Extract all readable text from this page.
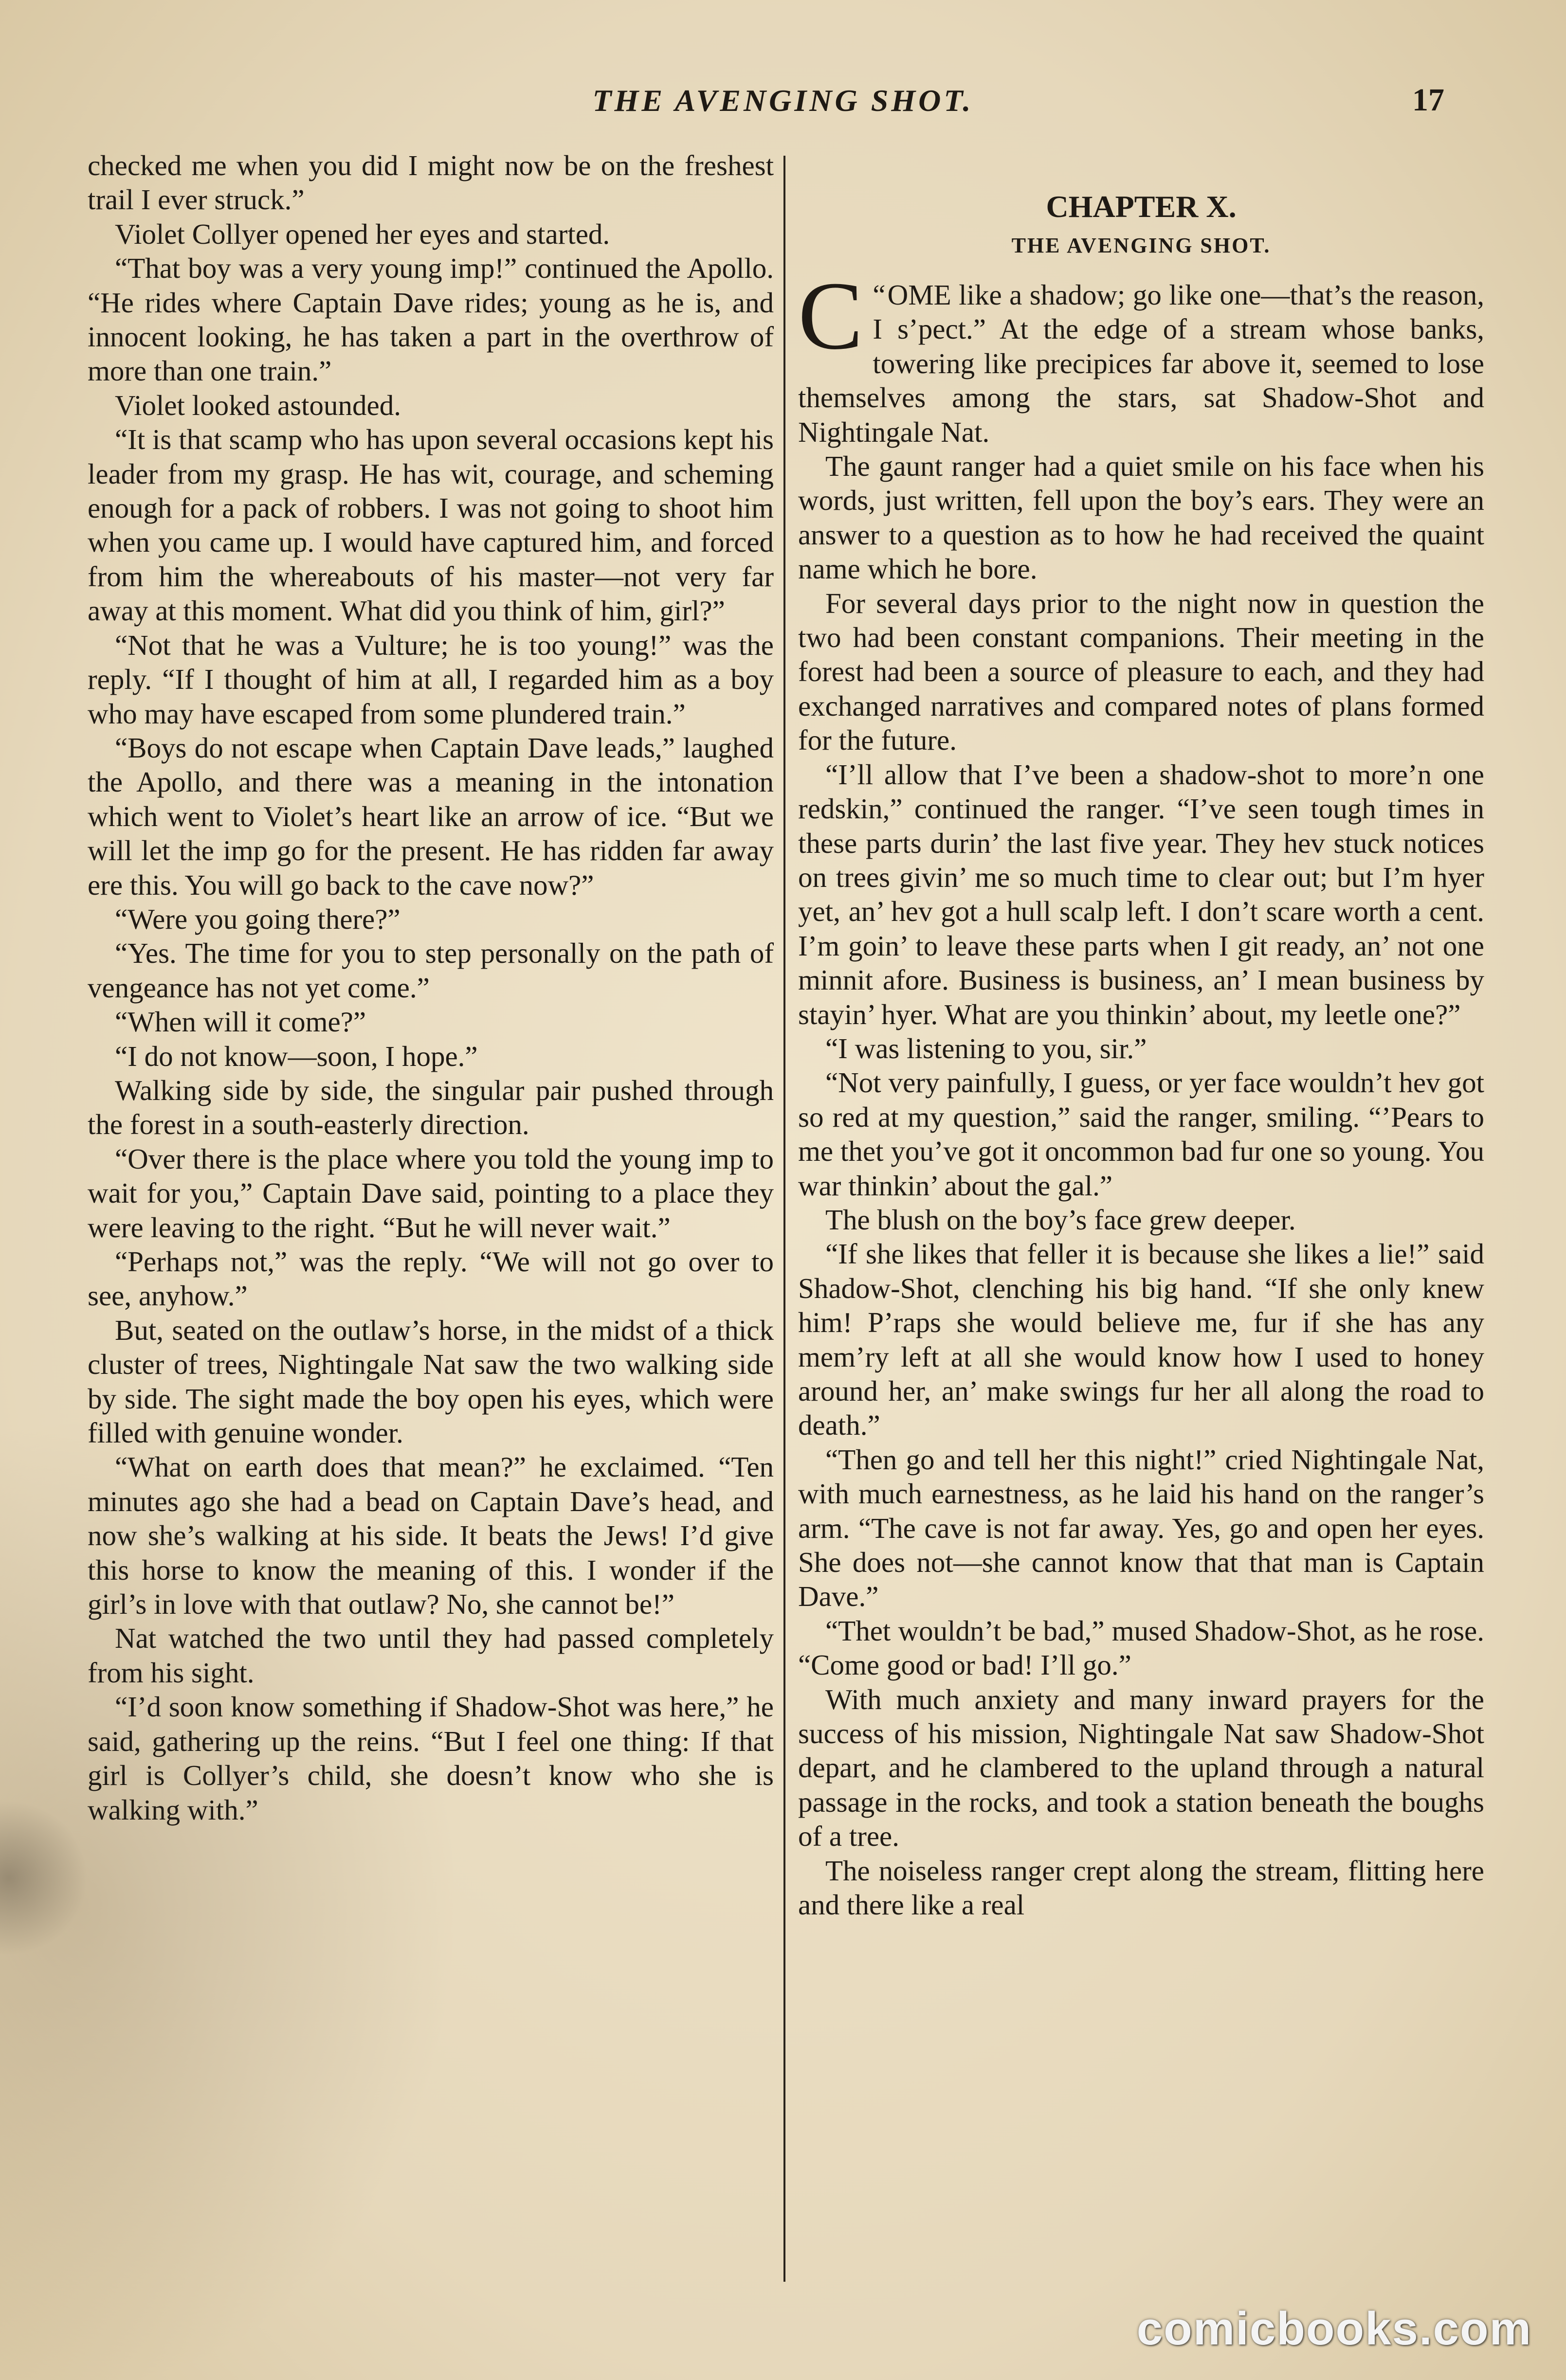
THE AVENGING SHOT.	17

checked me when you did I might now be on the freshest trail I ever struck.”

Violet Collyer opened her eyes and started.

“That boy was a very young imp!” continued the Apollo. “He rides where Captain Dave rides; young as he is, and innocent looking, he has taken a part in the overthrow of more than one train.”

Violet looked astounded.

“It is that scamp who has upon several occasions kept his leader from my grasp. He has wit, courage, and scheming enough for a pack of robbers. I was not going to shoot him when you came up. I would have captured him, and forced from him the whereabouts of his master—not very far away at this moment. What did you think of him, girl?”

“Not that he was a Vulture; he is too young!” was the reply. “If I thought of him at all, I regarded him as a boy who may have escaped from some plundered train.”

“Boys do not escape when Captain Dave leads,” laughed the Apollo, and there was a meaning in the intonation which went to Violet’s heart like an arrow of ice. “But we will let the imp go for the present. He has ridden far away ere this. You will go back to the cave now?”

“Were you going there?”

“Yes. The time for you to step personally on the path of vengeance has not yet come.”

“When will it come?”

“I do not know—soon, I hope.”

Walking side by side, the singular pair pushed through the forest in a south-easterly direction.

“Over there is the place where you told the young imp to wait for you,” Captain Dave said, pointing to a place they were leaving to the right. “But he will never wait.”

“Perhaps not,” was the reply. “We will not go over to see, anyhow.”

But, seated on the outlaw’s horse, in the midst of a thick cluster of trees, Nightingale Nat saw the two walking side by side. The sight made the boy open his eyes, which were filled with genuine wonder.

“What on earth does that mean?” he exclaimed. “Ten minutes ago she had a bead on Captain Dave’s head, and now she’s walking at his side. It beats the Jews! I’d give this horse to know the meaning of this. I wonder if the girl’s in love with that outlaw? No, she cannot be!”

Nat watched the two until they had passed completely from his sight.

“I’d soon know something if Shadow-Shot was here,” he said, gathering up the reins. “But I feel one thing: If that girl is Collyer’s child, she doesn’t know who she is walking with.”

CHAPTER X.
THE AVENGING SHOT.

“
C OME like a shadow; go like one—that’s the reason, I s’pect.” At the edge of a stream whose banks, towering like precipices far above it, seemed to lose themselves among the stars, sat Shadow-Shot and Nightingale Nat.

The gaunt ranger had a quiet smile on his face when his words, just written, fell upon the boy’s ears. They were an answer to a question as to how he had received the quaint name which he bore.

For several days prior to the night now in question the two had been constant companions. Their meeting in the forest had been a source of pleasure to each, and they had exchanged narratives and compared notes of plans formed for the future.

“I’ll allow that I’ve been a shadow-shot to more’n one redskin,” continued the ranger. “I’ve seen tough times in these parts durin’ the last five year. They hev stuck notices on trees givin’ me so much time to clear out; but I’m hyer yet, an’ hev got a hull scalp left. I don’t scare worth a cent. I’m goin’ to leave these parts when I git ready, an’ not one minnit afore. Business is business, an’ I mean business by stayin’ hyer. What are you thinkin’ about, my leetle one?”

“I was listening to you, sir.”

“Not very painfully, I guess, or yer face wouldn’t hev got so red at my question,” said the ranger, smiling. “’Pears to me thet you’ve got it oncommon bad fur one so young. You war thinkin’ about the gal.”

The blush on the boy’s face grew deeper.

“If she likes that feller it is because she likes a lie!” said Shadow-Shot, clenching his big hand. “If she only knew him! P’raps she would believe me, fur if she has any mem’ry left at all she would know how I used to honey around her, an’ make swings fur her all along the road to death.”

“Then go and tell her this night!” cried Nightingale Nat, with much earnestness, as he laid his hand on the ranger’s arm. “The cave is not far away. Yes, go and open her eyes. She does not—she cannot know that that man is Captain Dave.”

“Thet wouldn’t be bad,” mused Shadow-Shot, as he rose. “Come good or bad! I’ll go.”

With much anxiety and many inward prayers for the success of his mission, Nightingale Nat saw Shadow-Shot depart, and he clambered to the upland through a natural passage in the rocks, and took a station beneath the boughs of a tree.

The noiseless ranger crept along the stream, flitting here and there like a real

comicbooks.com
